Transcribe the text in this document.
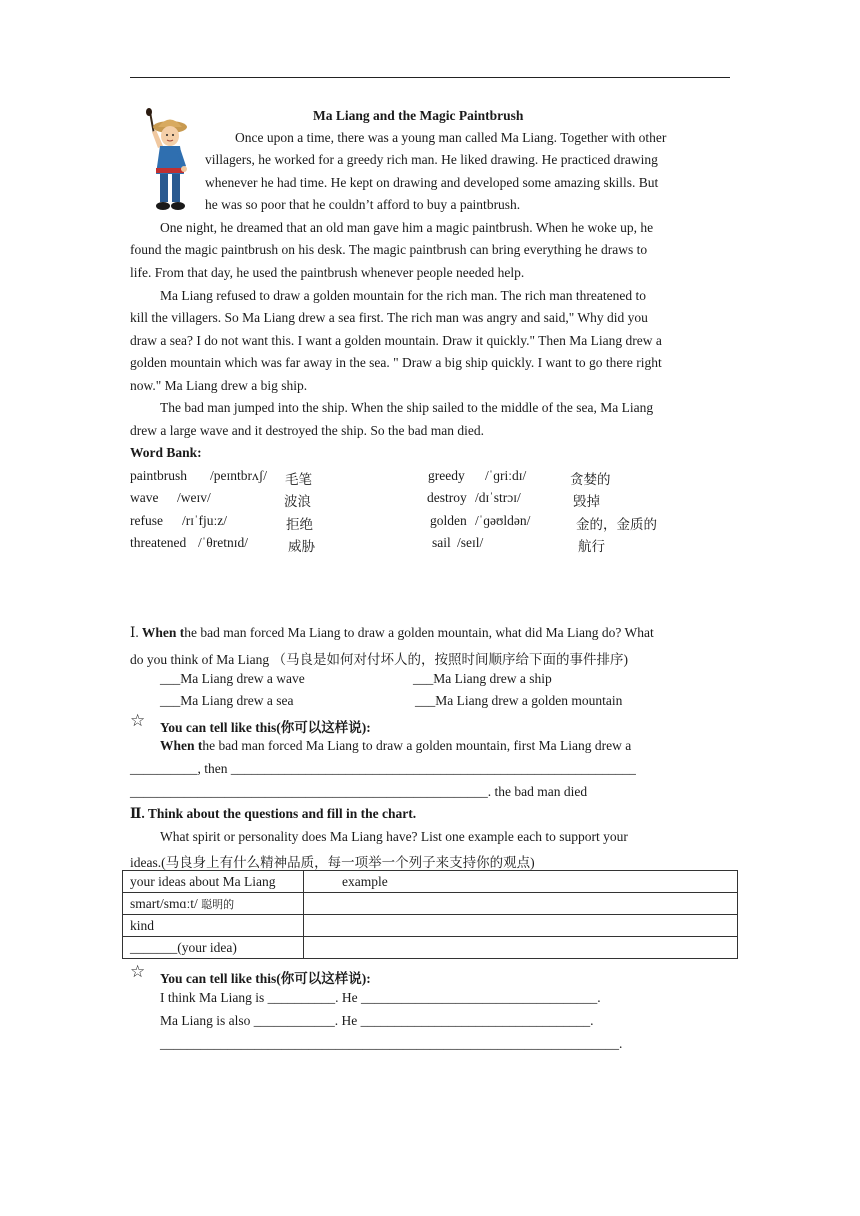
Ma Liang and the Magic Paintbrush
Once upon a time, there was a young man called Ma Liang. Together with other
villagers, he worked for a greedy rich man. He liked drawing. He practiced drawing
whenever he had time. He kept on drawing and developed some amazing skills. But
he was so poor that he couldn’t afford to buy a paintbrush.
One night, he dreamed that an old man gave him a magic paintbrush. When he woke up, he
found the magic paintbrush on his desk. The magic paintbrush can bring everything he draws to
life. From that day, he used the paintbrush whenever people needed help.
Ma Liang refused to draw a golden mountain for the rich man. The rich man threatened to
kill the villagers. So Ma Liang drew a sea first. The rich man was angry and said," Why did you
draw a sea? I do not want this. I want a golden mountain. Draw it quickly." Then Ma Liang drew a
golden mountain which was far away in the sea. " Draw a big ship quickly. I want to go there right
now." Ma Liang drew a big ship.
The bad man jumped into the ship. When the ship sailed to the middle of the sea, Ma Liang
drew a large wave and it destroyed the ship. So the bad man died.
Word Bank:
paintbrush /peɪntbrʌʃ/ 毛笔	greedy /ˈɡriːdɪ/	贪婪的
wave /weɪv/	波浪	destroy /dɪˈstrɔɪ/	毁掉
refuse /rɪˈfjuːz/	拒绝	golden /ˈɡəʊldən/	金的，金质的
threatened /ˈθretnɪd/	威胁	sail /seɪl/	航行
Ⅰ. When the bad man forced Ma Liang to draw a golden mountain, what did Ma Liang do? What
do you think of Ma Liang （马良是如何对付坏人的，按照时间顺序给下面的事件排序)
___Ma Liang drew a wave	___Ma Liang drew a ship
___Ma Liang drew a sea	___Ma Liang drew a golden mountain
☆ You can tell like this(你可以这样说):
When the bad man forced Ma Liang to draw a golden mountain, first Ma Liang drew a
__________, then ____________________________________________________________
_____________________________________________________. the bad man died
Ⅱ. Think about the questions and fill in the chart.
What spirit or personality does Ma Liang have? List one example each to support your
ideas.(马良身上有什么精神品质，每一项举一个列子来支持你的观点)
your ideas about Ma Liang	example
smart/smɑːt/ 聪明的	
kind	
_______(your idea)	
☆ You can tell like this(你可以这样说):
I think Ma Liang is __________. He ___________________________________.
Ma Liang is also ____________. He __________________________________.
____________________________________________________________________.
